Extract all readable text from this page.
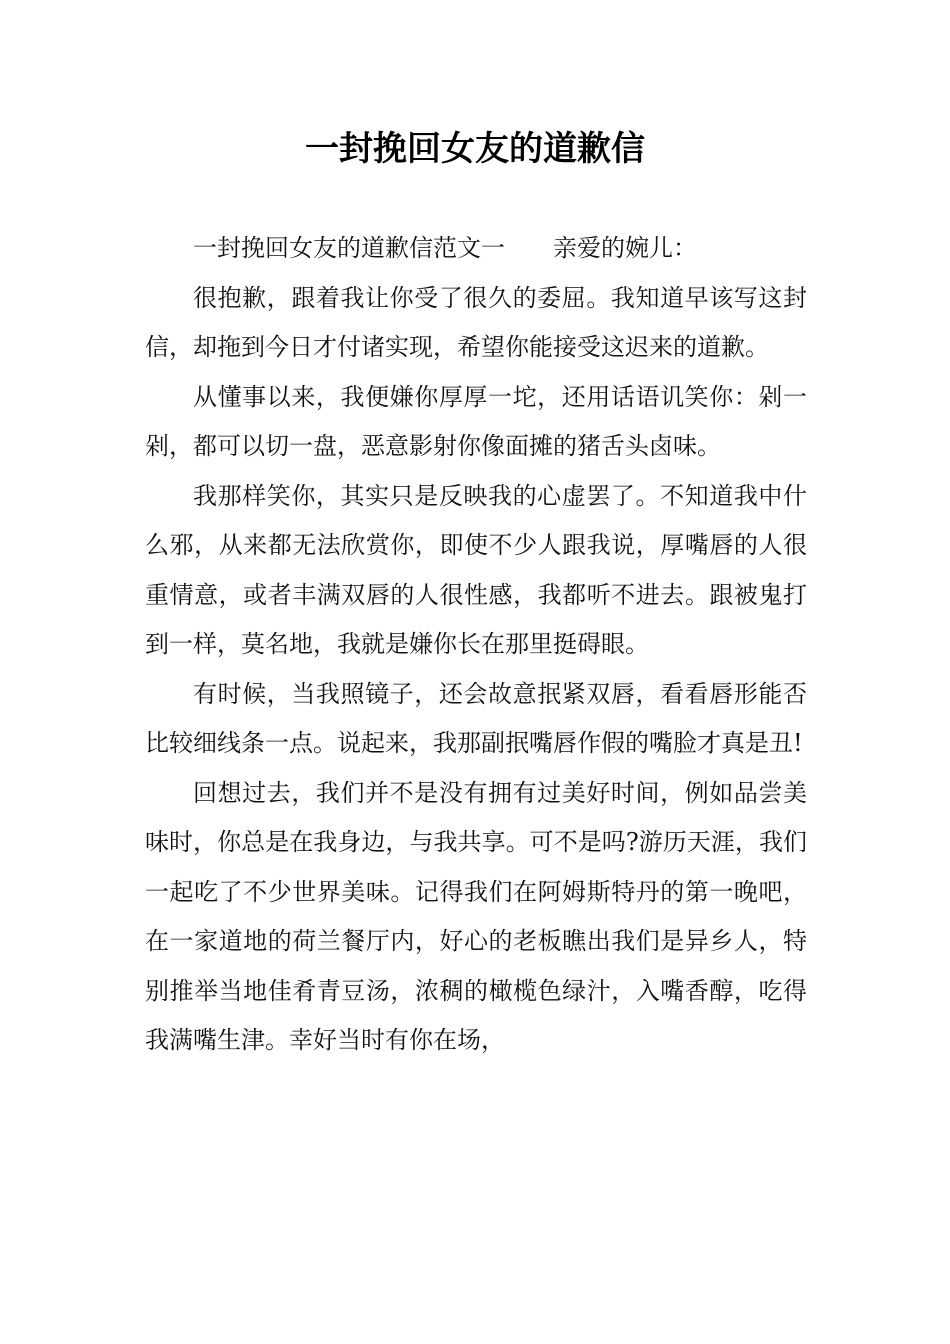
一封挽回女友的道歉信

一封挽回女友的道歉信范文一　　亲爱的婉儿：

很抱歉，跟着我让你受了很久的委屈。我知道早该写这封信，却拖到今日才付诸实现，希望你能接受这迟来的道歉。

从懂事以来，我便嫌你厚厚一坨，还用话语讥笑你：剁一剁，都可以切一盘，恶意影射你像面摊的猪舌头卤味。

我那样笑你，其实只是反映我的心虚罢了。不知道我中什么邪，从来都无法欣赏你，即使不少人跟我说，厚嘴唇的人很重情意，或者丰满双唇的人很性感，我都听不进去。跟被鬼打到一样，莫名地，我就是嫌你长在那里挺碍眼。

有时候，当我照镜子，还会故意抿紧双唇，看看唇形能否比较细线条一点。说起来，我那副抿嘴唇作假的嘴脸才真是丑!

回想过去，我们并不是没有拥有过美好时间，例如品尝美味时，你总是在我身边，与我共享。可不是吗?游历天涯，我们一起吃了不少世界美味。记得我们在阿姆斯特丹的第一晚吧，在一家道地的荷兰餐厅内，好心的老板瞧出我们是异乡人，特别推举当地佳肴青豆汤，浓稠的橄榄色绿汁，入嘴香醇，吃得我满嘴生津。幸好当时有你在场，
